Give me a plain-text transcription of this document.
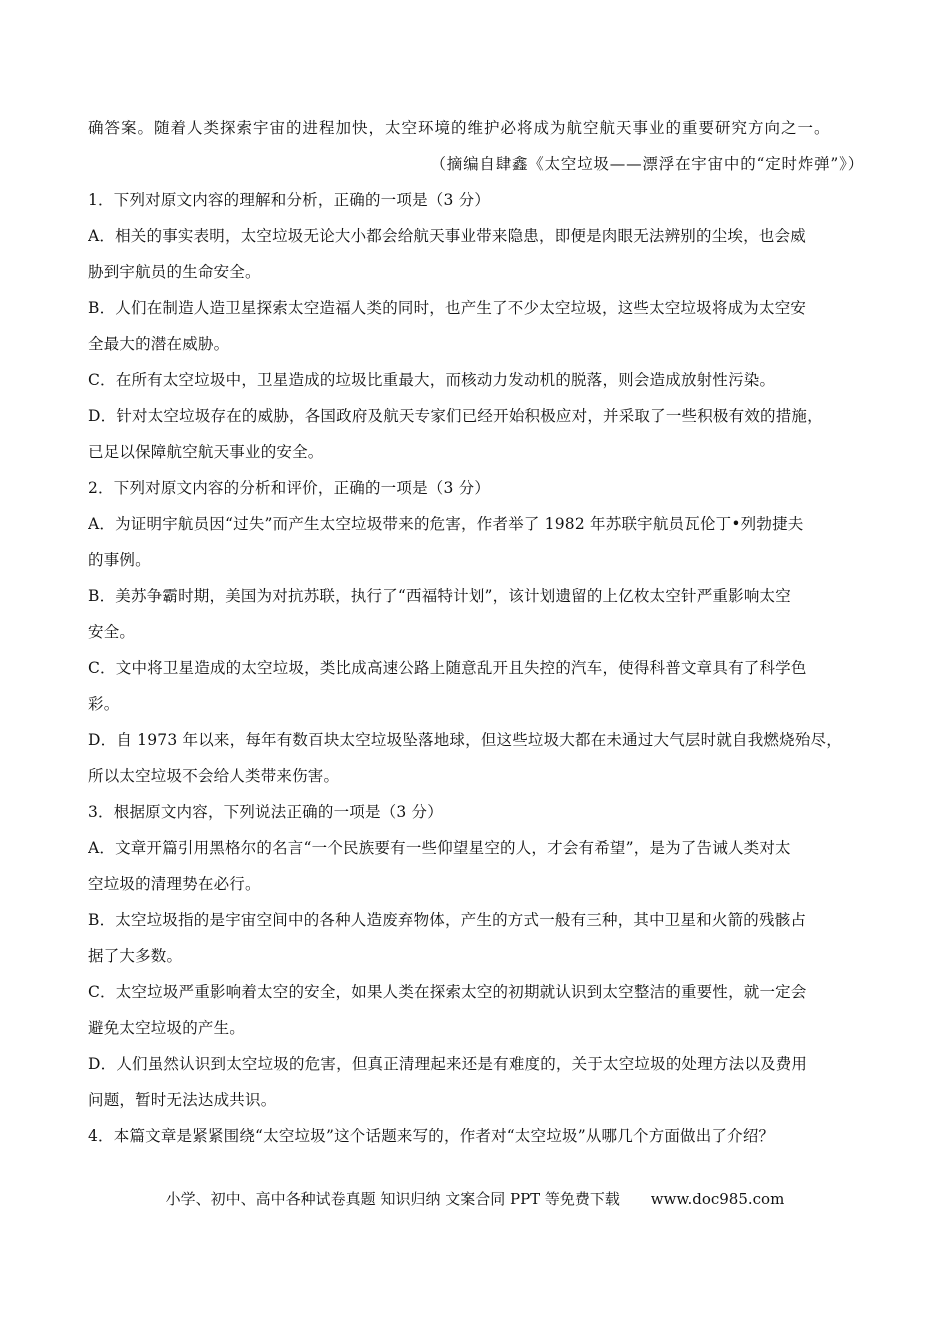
确答案。随着人类探索宇宙的进程加快，太空环境的维护必将成为航空航天事业的重要研究方向之一。
（摘编自肆鑫《太空垃圾——漂浮在宇宙中的“定时炸弹”》）
1．下列对原文内容的理解和分析，正确的一项是（3 分）
A．相关的事实表明，太空垃圾无论大小都会给航天事业带来隐患，即便是肉眼无法辨别的尘埃，也会威
胁到宇航员的生命安全。
B．人们在制造人造卫星探索太空造福人类的同时，也产生了不少太空垃圾，这些太空垃圾将成为太空安
全最大的潜在威胁。
C．在所有太空垃圾中，卫星造成的垃圾比重最大，而核动力发动机的脱落，则会造成放射性污染。
D．针对太空垃圾存在的威胁，各国政府及航天专家们已经开始积极应对，并采取了一些积极有效的措施，
已足以保障航空航天事业的安全。
2．下列对原文内容的分析和评价，正确的一项是（3 分）
A．为证明宇航员因“过失”而产生太空垃圾带来的危害，作者举了 1982 年苏联宇航员瓦伦丁•列勃捷夫
的事例。
B．美苏争霸时期，美国为对抗苏联，执行了“西福特计划”，该计划遗留的上亿枚太空针严重影响太空
安全。
C．文中将卫星造成的太空垃圾，类比成高速公路上随意乱开且失控的汽车，使得科普文章具有了科学色
彩。
D．自 1973 年以来，每年有数百块太空垃圾坠落地球，但这些垃圾大都在未通过大气层时就自我燃烧殆尽，
所以太空垃圾不会给人类带来伤害。
3．根据原文内容，下列说法正确的一项是（3 分）
A．文章开篇引用黑格尔的名言“一个民族要有一些仰望星空的人，才会有希望”，是为了告诫人类对太
空垃圾的清理势在必行。
B．太空垃圾指的是宇宙空间中的各种人造废弃物体，产生的方式一般有三种，其中卫星和火箭的残骸占
据了大多数。
C．太空垃圾严重影响着太空的安全，如果人类在探索太空的初期就认识到太空整洁的重要性，就一定会
避免太空垃圾的产生。
D．人们虽然认识到太空垃圾的危害，但真正清理起来还是有难度的，关于太空垃圾的处理方法以及费用
问题，暂时无法达成共识。
4．本篇文章是紧紧围绕“太空垃圾”这个话题来写的，作者对“太空垃圾”从哪几个方面做出了介绍？
小学、初中、高中各种试卷真题 知识归纳 文案合同 PPT 等免费下载 www.doc985.com
